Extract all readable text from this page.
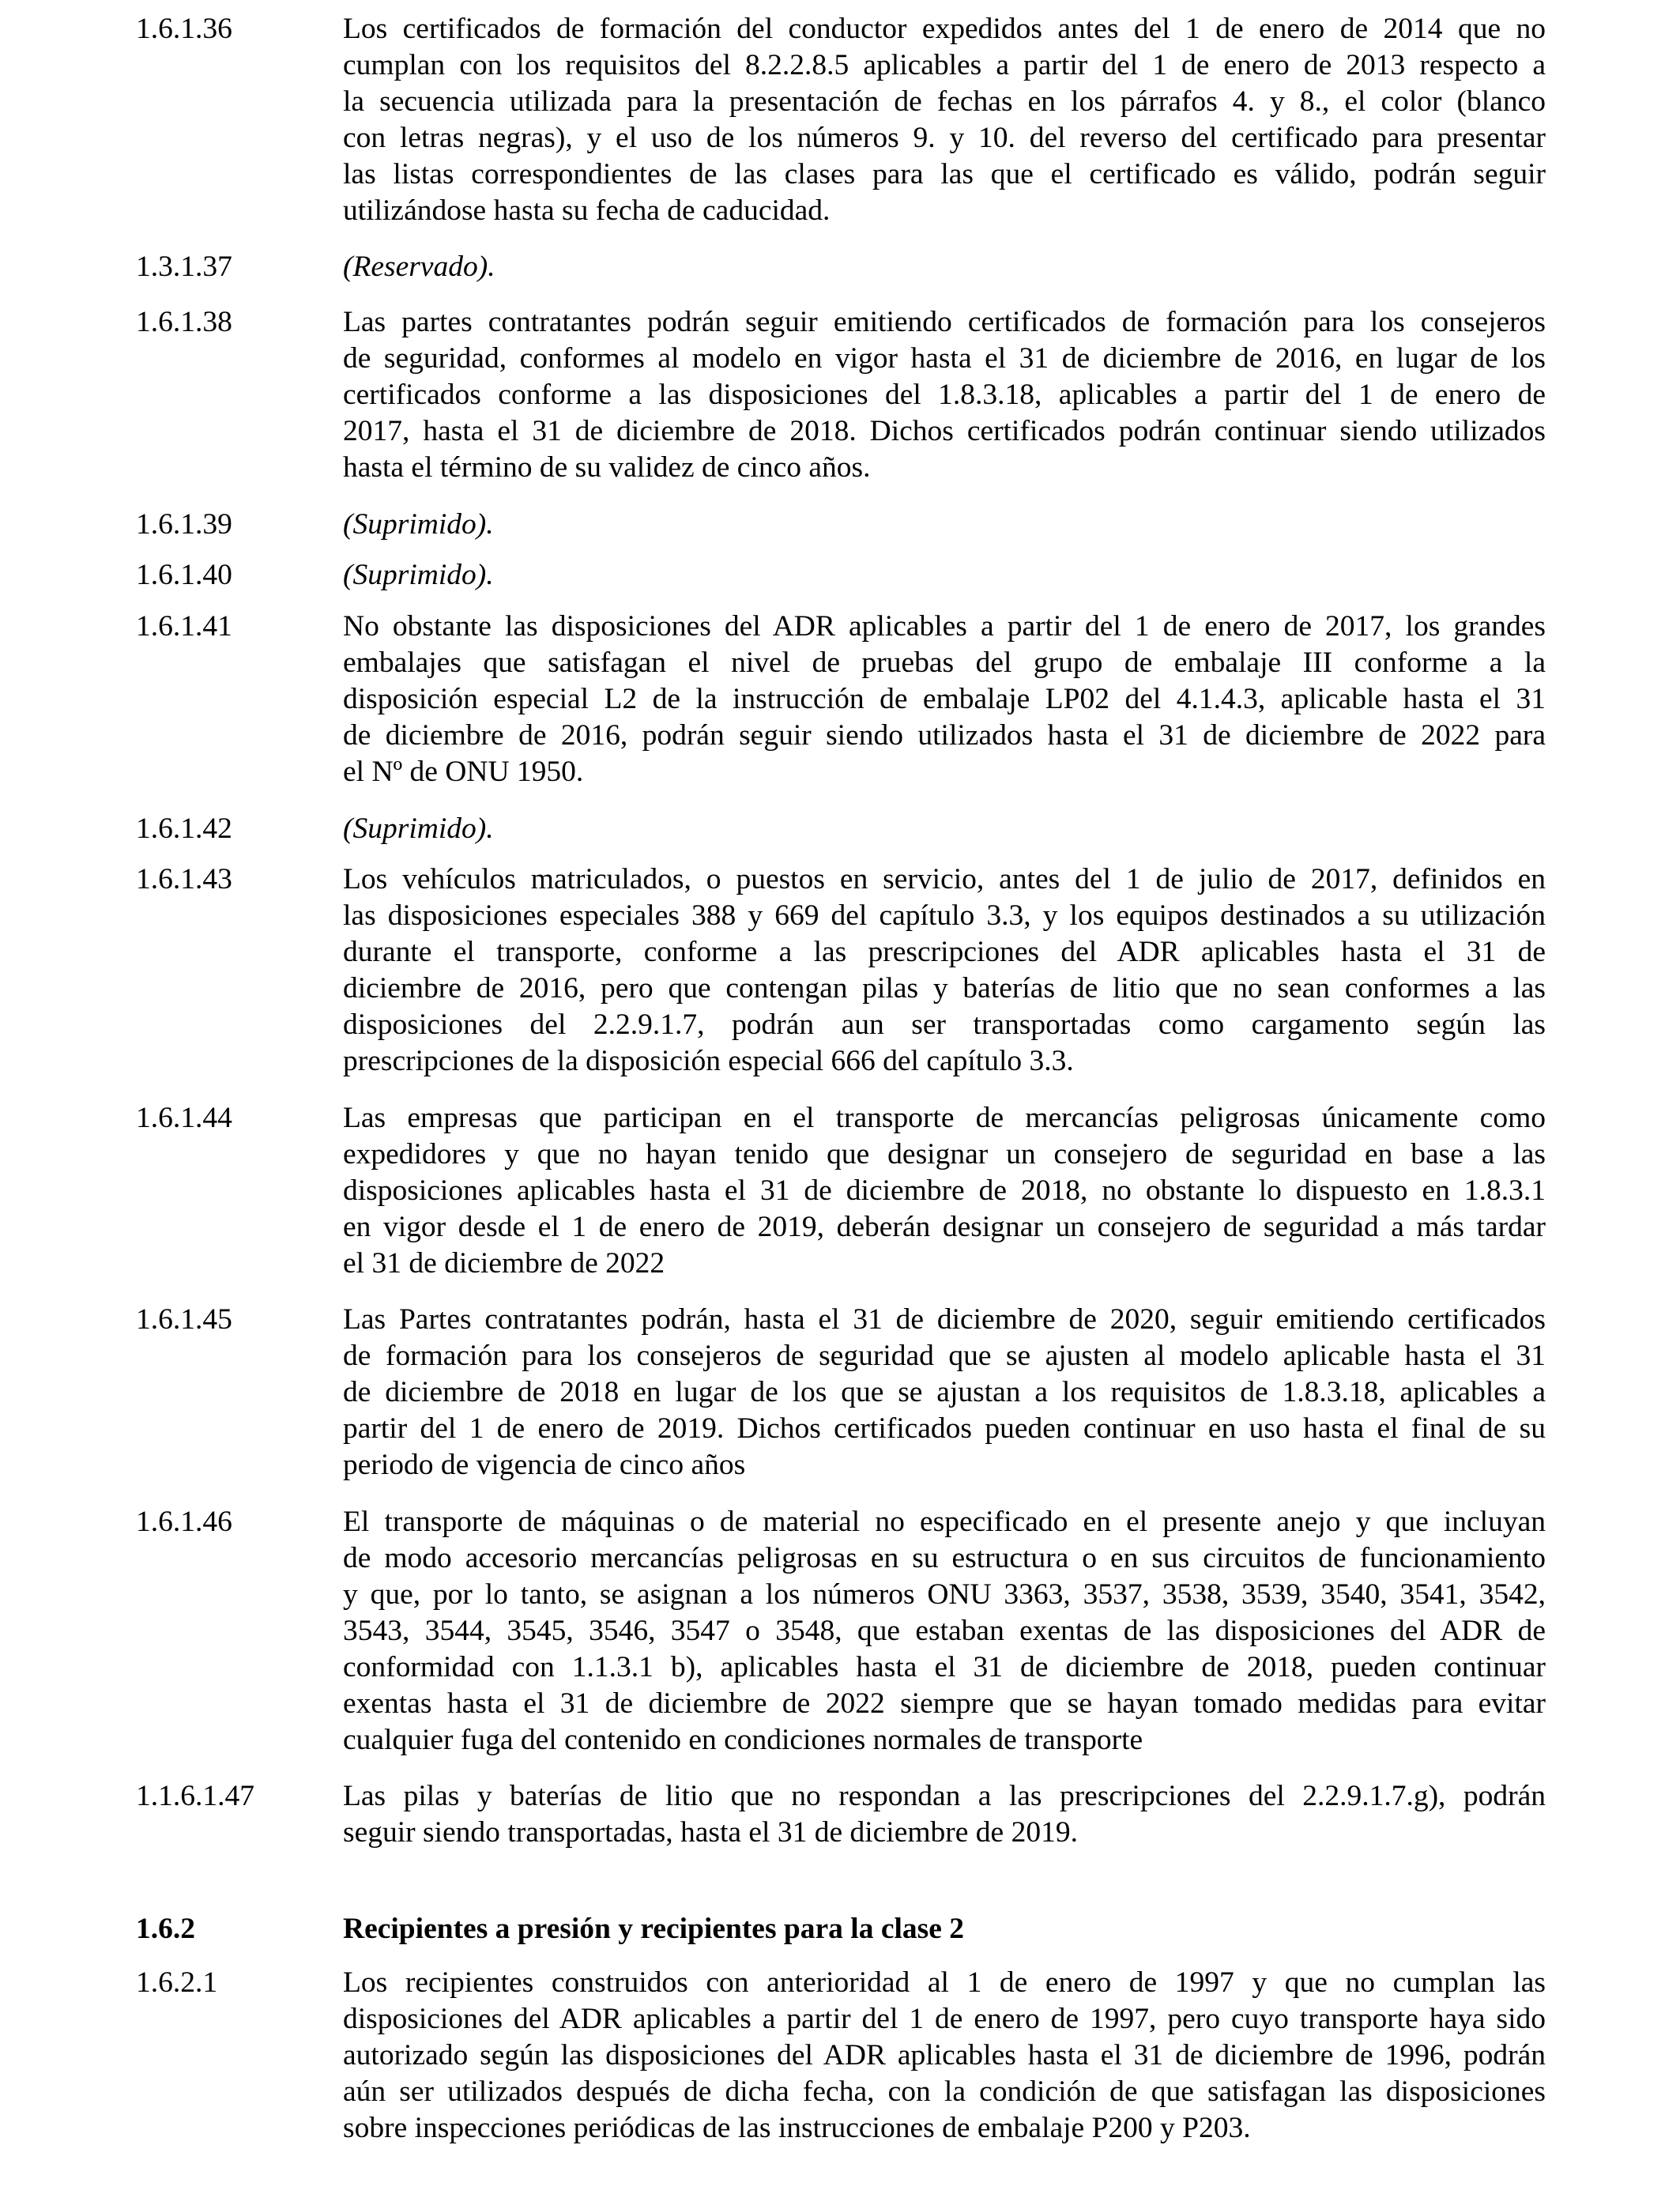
1.6.1.36	Los certificados de formación del conductor expedidos antes del 1 de enero de 2014 que no
cumplan con los requisitos del 8.2.2.8.5 aplicables a partir del 1 de enero de 2013 respecto a
la secuencia utilizada para la presentación de fechas en los párrafos 4. y 8., el color (blanco
con letras negras), y el uso de los números 9. y 10. del reverso del certificado para presentar
las listas correspondientes de las clases para las que el certificado es válido, podrán seguir
utilizándose hasta su fecha de caducidad.
1.3.1.37	(Reservado).
1.6.1.38	Las partes contratantes podrán seguir emitiendo certificados de formación para los consejeros
de seguridad, conformes al modelo en vigor hasta el 31 de diciembre de 2016, en lugar de los
certificados conforme a las disposiciones del 1.8.3.18, aplicables a partir del 1 de enero de
2017, hasta el 31 de diciembre de 2018. Dichos certificados podrán continuar siendo utilizados
hasta el término de su validez de cinco años.
1.6.1.39	(Suprimido).
1.6.1.40	(Suprimido).
1.6.1.41	No obstante las disposiciones del ADR aplicables a partir del 1 de enero de 2017, los grandes
embalajes que satisfagan el nivel de pruebas del grupo de embalaje III conforme a la
disposición especial L2 de la instrucción de embalaje LP02 del 4.1.4.3, aplicable hasta el 31
de diciembre de 2016, podrán seguir siendo utilizados hasta el 31 de diciembre de 2022 para
el Nº de ONU 1950.
1.6.1.42	(Suprimido).
1.6.1.43	Los vehículos matriculados, o puestos en servicio, antes del 1 de julio de 2017, definidos en
las disposiciones especiales 388 y 669 del capítulo 3.3, y los equipos destinados a su utilización
durante el transporte, conforme a las prescripciones del ADR aplicables hasta el 31 de
diciembre de 2016, pero que contengan pilas y baterías de litio que no sean conformes a las
disposiciones del 2.2.9.1.7, podrán aun ser transportadas como cargamento según las
prescripciones de la disposición especial 666 del capítulo 3.3.
1.6.1.44	Las empresas que participan en el transporte de mercancías peligrosas únicamente como
expedidores y que no hayan tenido que designar un consejero de seguridad en base a las
disposiciones aplicables hasta el 31 de diciembre de 2018, no obstante lo dispuesto en 1.8.3.1
en vigor desde el 1 de enero de 2019, deberán designar un consejero de seguridad a más tardar
el 31 de diciembre de 2022
1.6.1.45	Las Partes contratantes podrán, hasta el 31 de diciembre de 2020, seguir emitiendo certificados
de formación para los consejeros de seguridad que se ajusten al modelo aplicable hasta el 31
de diciembre de 2018 en lugar de los que se ajustan a los requisitos de 1.8.3.18, aplicables a
partir del 1 de enero de 2019. Dichos certificados pueden continuar en uso hasta el final de su
periodo de vigencia de cinco años
1.6.1.46	El transporte de máquinas o de material no especificado en el presente anejo y que incluyan
de modo accesorio mercancías peligrosas en su estructura o en sus circuitos de funcionamiento
y que, por lo tanto, se asignan a los números ONU 3363, 3537, 3538, 3539, 3540, 3541, 3542,
3543, 3544, 3545, 3546, 3547 o 3548, que estaban exentas de las disposiciones del ADR de
conformidad con 1.1.3.1 b), aplicables hasta el 31 de diciembre de 2018, pueden continuar
exentas hasta el 31 de diciembre de 2022 siempre que se hayan tomado medidas para evitar
cualquier fuga del contenido en condiciones normales de transporte
1.1.6.1.47	Las pilas y baterías de litio que no respondan a las prescripciones del 2.2.9.1.7.g), podrán
seguir siendo transportadas, hasta el 31 de diciembre de 2019.
1.6.2	Recipientes a presión y recipientes para la clase 2
1.6.2.1	Los recipientes construidos con anterioridad al 1 de enero de 1997 y que no cumplan las
disposiciones del ADR aplicables a partir del 1 de enero de 1997, pero cuyo transporte haya sido
autorizado según las disposiciones del ADR aplicables hasta el 31 de diciembre de 1996, podrán
aún ser utilizados después de dicha fecha, con la condición de que satisfagan las disposiciones
sobre inspecciones periódicas de las instrucciones de embalaje P200 y P203.
